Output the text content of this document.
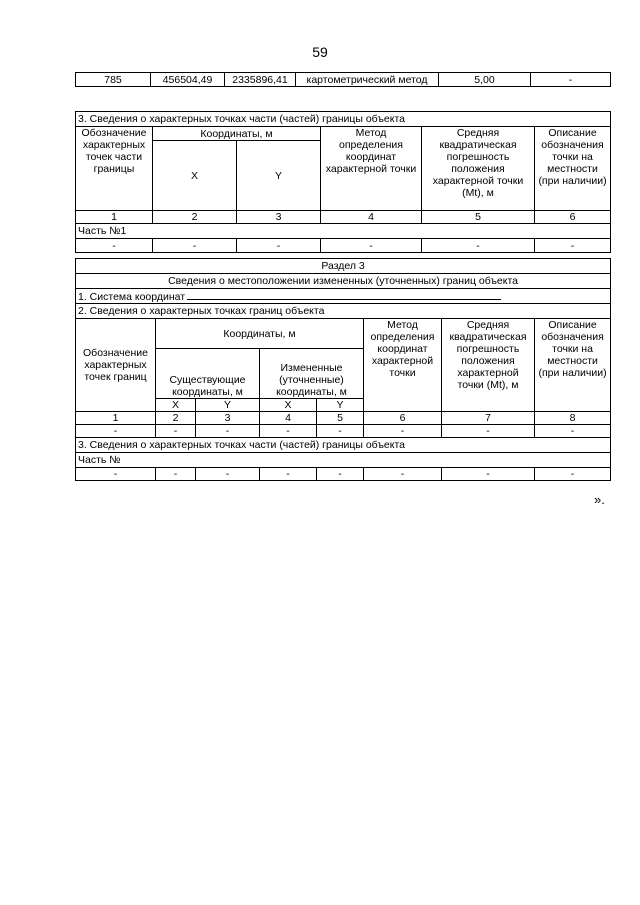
59
785	456504,49	2335896,41	картометрический метод	5,00	-
3. Сведения о характерных точках части (частей) границы объекта					
Обозначение характерных точек части границы	Координаты, м		Метод определения координат характерной точки	Средняя квадратическая погрешность положения характерной точки (Mt), м	Описание обозначения точки на местности (при наличии)
	X	Y			
1	2	3	4	5	6
Часть №1					
-	-	-	-	-	-
Раздел 3							
Сведения о местоположении измененных (уточненных) границ объекта							
1. Система координат							
2. Сведения о характерных точках границ объекта							
Обозначение характерных точек границ	Координаты, м				Метод определения координат характерной точки	Средняя квадратическая погрешность положения характерной точки (Mt), м	Описание обозначения точки на местности (при наличии)
	Существующие координаты, м		Измененные (уточненные) координаты, м				
	X	Y	X	Y			
1	2	3	4	5	6	7	8
-	-	-	-	-	-	-	-
3. Сведения о характерных точках части (частей) границы объекта							
Часть №							
-	-	-	-	-	-	-	-
».
